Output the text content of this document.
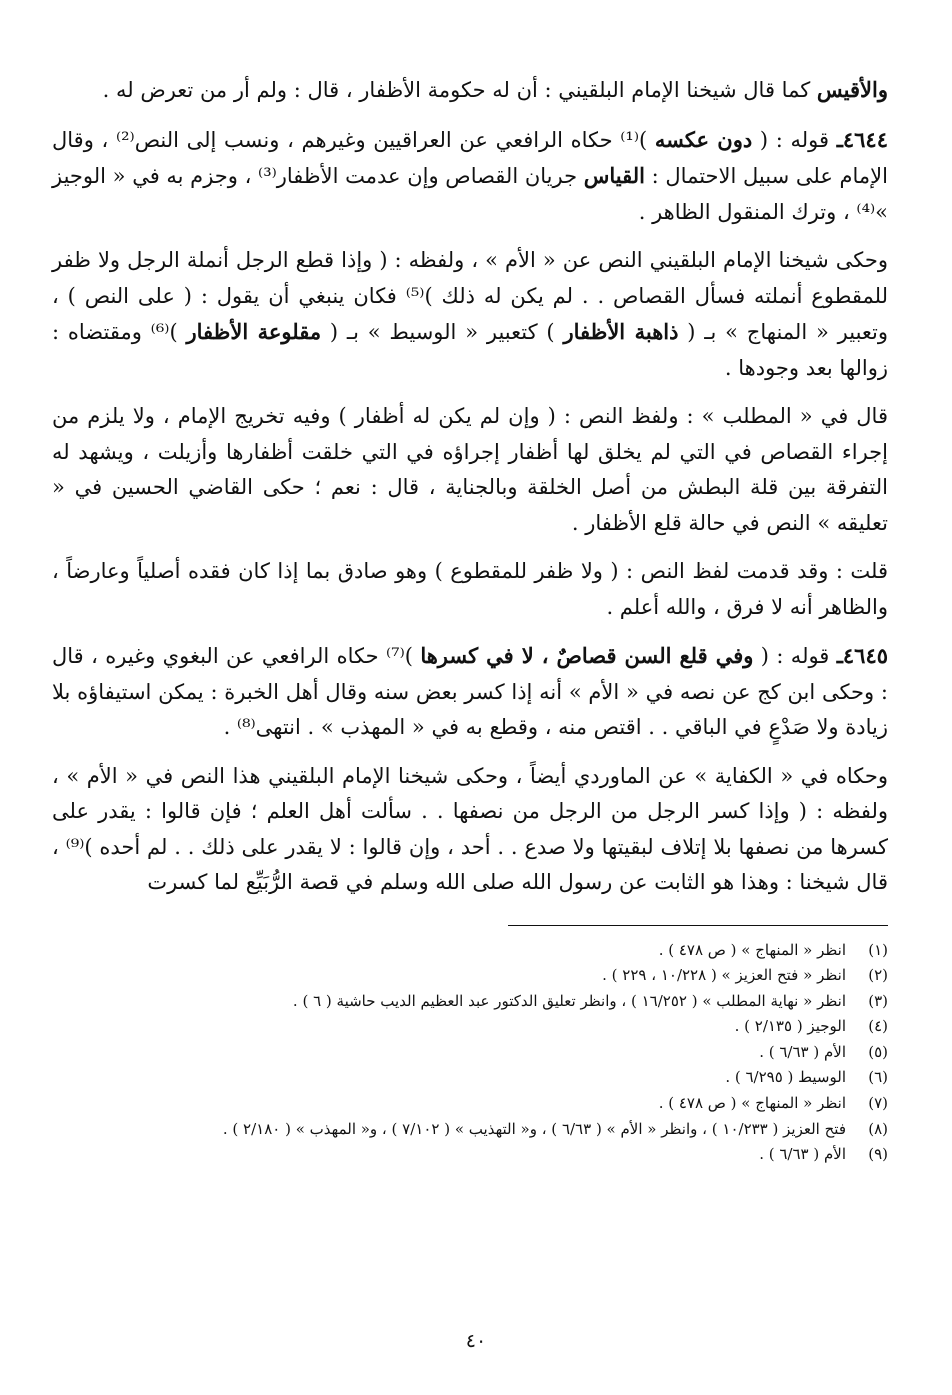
والأقيس كما قال شيخنا الإمام البلقيني : أن له حكومة الأظفار ، قال : ولم أر من تعرض له .

٤٦٤٤ـ قوله : ( دون عكسه )⁽¹⁾ حكاه الرافعي عن العراقيين وغيرهم ، ونسب إلى النص⁽²⁾ ، وقال الإمام على سبيل الاحتمال : القياس جريان القصاص وإن عدمت الأظفار⁽³⁾ ، وجزم به في « الوجيز »⁽⁴⁾ ، وترك المنقول الظاهر .

وحكى شيخنا الإمام البلقيني النص عن « الأم » ، ولفظه : ( وإذا قطع الرجل أنملة الرجل ولا ظفر للمقطوع أنملته فسأل القصاص . . لم يكن له ذلك )⁽⁵⁾ فكان ينبغي أن يقول : ( على النص ) ، وتعبير « المنهاج » بـ ( ذاهبة الأظفار ) كتعبير « الوسيط » بـ ( مقلوعة الأظفار )⁽⁶⁾ ومقتضاه : زوالها بعد وجودها .

قال في « المطلب » : ولفظ النص : ( وإن لم يكن له أظفار ) وفيه تخريج الإمام ، ولا يلزم من إجراء القصاص في التي لم يخلق لها أظفار إجراؤه في التي خلقت أظفارها وأزيلت ، ويشهد له التفرقة بين قلة البطش من أصل الخلقة وبالجناية ، قال : نعم ؛ حكى القاضي الحسين في « تعليقه » النص في حالة قلع الأظفار .

قلت : وقد قدمت لفظ النص : ( ولا ظفر للمقطوع ) وهو صادق بما إذا كان فقده أصلياً وعارضاً ، والظاهر أنه لا فرق ، والله أعلم .

٤٦٤٥ـ قوله : ( وفي قلع السن قصاصٌ ، لا في كسرها )⁽⁷⁾ حكاه الرافعي عن البغوي وغيره ، قال : وحكى ابن كج عن نصه في « الأم » أنه إذا كسر بعض سنه وقال أهل الخبرة : يمكن استيفاؤه بلا زيادة ولا صَدْعٍ في الباقي . . اقتص منه ، وقطع به في « المهذب » . انتهى⁽⁸⁾ .

وحكاه في « الكفاية » عن الماوردي أيضاً ، وحكى شيخنا الإمام البلقيني هذا النص في « الأم » ، ولفظه : ( وإذا كسر الرجل من الرجل من نصفها . . سألت أهل العلم ؛ فإن قالوا : يقدر على كسرها من نصفها بلا إتلاف لبقيتها ولا صدع . . أحد ، وإن قالوا : لا يقدر على ذلك . . لم أحده )⁽⁹⁾ ، قال شيخنا : وهذا هو الثابت عن رسول الله صلى الله وسلم في قصة الرُّبَيِّع لما كسرت

(١)
انظر « المنهاج » ( ص ٤٧٨ ) .
(٢)
انظر « فتح العزيز » ( ١٠/٢٢٨ ، ٢٢٩ ) .
(٣)
انظر « نهاية المطلب » ( ١٦/٢٥٢ ) ، وانظر تعليق الدكتور عبد العظيم الديب حاشية ( ٦ ) .
(٤)
الوجيز ( ٢/١٣٥ ) .
(٥)
الأم ( ٦/٦٣ ) .
(٦)
الوسيط ( ٦/٢٩٥ ) .
(٧)
انظر « المنهاج » ( ص ٤٧٨ ) .
(٨)
فتح العزيز ( ١٠/٢٣٣ ) ، وانظر « الأم » ( ٦/٦٣ ) ، و« التهذيب » ( ٧/١٠٢ ) ، و« المهذب » ( ٢/١٨٠ ) .
(٩)
الأم ( ٦/٦٣ ) .
٤٠
